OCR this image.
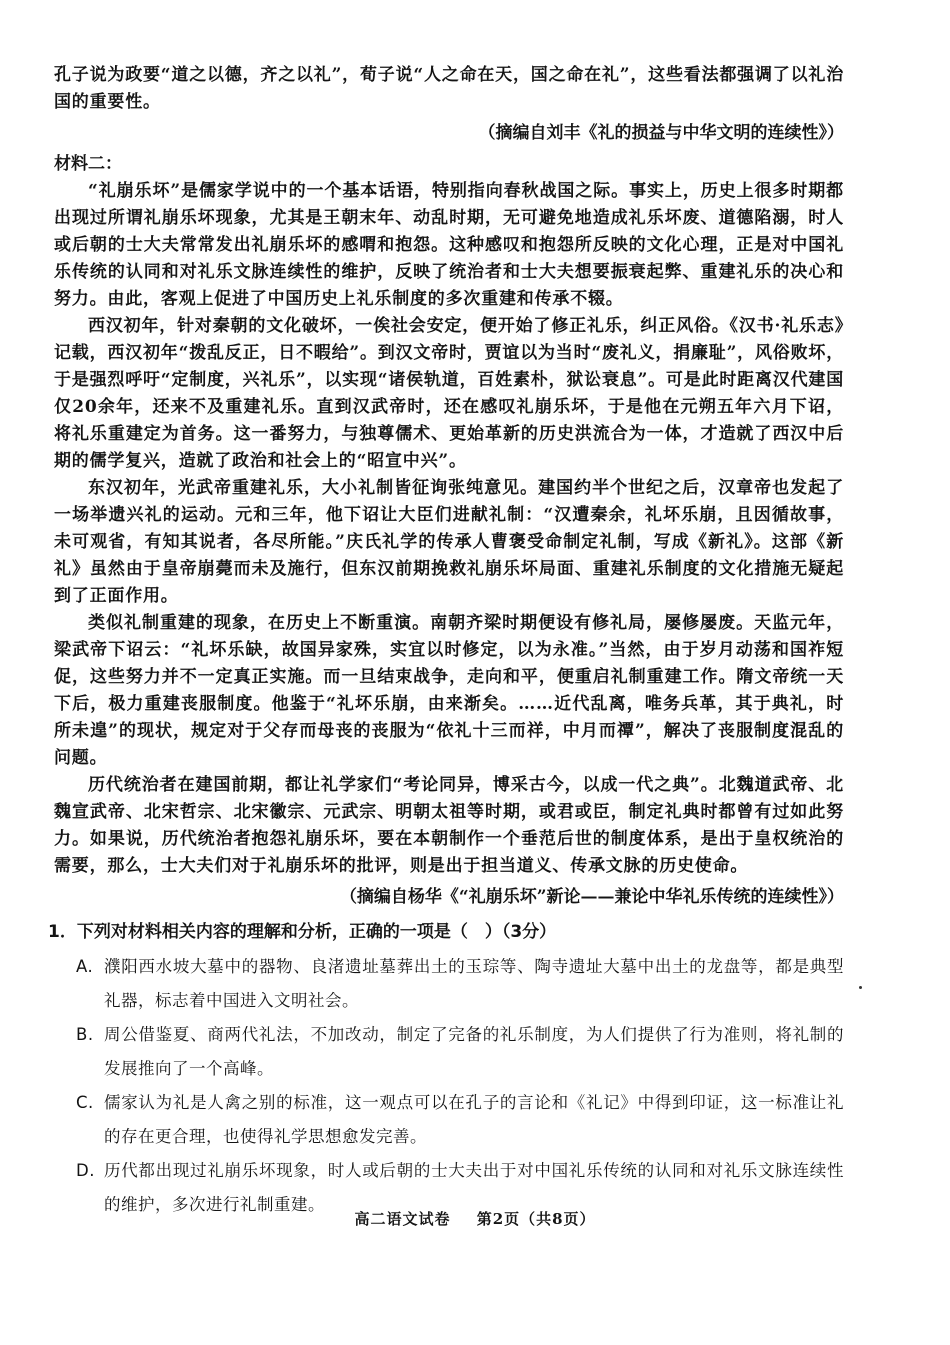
孔子说为政要“道之以德，齐之以礼”，荀子说“人之命在天，国之命在礼”，这些看法都强调了以礼治国的重要性。

（摘编自刘丰《礼的损益与中华文明的连续性》）

材料二：

“礼崩乐坏”是儒家学说中的一个基本话语，特别指向春秋战国之际。事实上，历史上很多时期都出现过所谓礼崩乐坏现象，尤其是王朝末年、动乱时期，无可避免地造成礼乐坏废、道德陷溺，时人或后朝的士大夫常常发出礼崩乐坏的感喟和抱怨。这种感叹和抱怨所反映的文化心理，正是对中国礼乐传统的认同和对礼乐文脉连续性的维护，反映了统治者和士大夫想要振衰起弊、重建礼乐的决心和努力。由此，客观上促进了中国历史上礼乐制度的多次重建和传承不辍。

西汉初年，针对秦朝的文化破坏，一俟社会安定，便开始了修正礼乐，纠正风俗。《汉书·礼乐志》记载，西汉初年“拨乱反正，日不暇给”。到汉文帝时，贾谊以为当时“废礼义，捐廉耻”，风俗败坏，于是强烈呼吁“定制度，兴礼乐”，以实现“诸侯轨道，百姓素朴，狱讼衰息”。可是此时距离汉代建国仅20余年，还来不及重建礼乐。直到汉武帝时，还在感叹礼崩乐坏，于是他在元朔五年六月下诏，将礼乐重建定为首务。这一番努力，与独尊儒术、更始革新的历史洪流合为一体，才造就了西汉中后期的儒学复兴，造就了政治和社会上的“昭宣中兴”。

东汉初年，光武帝重建礼乐，大小礼制皆征询张纯意见。建国约半个世纪之后，汉章帝也发起了一场举遗兴礼的运动。元和三年，他下诏让大臣们进献礼制：“汉遭秦余，礼坏乐崩，且因循故事，未可观省，有知其说者，各尽所能。”庆氏礼学的传承人曹褒受命制定礼制，写成《新礼》。这部《新礼》虽然由于皇帝崩薨而未及施行，但东汉前期挽救礼崩乐坏局面、重建礼乐制度的文化措施无疑起到了正面作用。

类似礼制重建的现象，在历史上不断重演。南朝齐梁时期便设有修礼局，屡修屡废。天监元年，梁武帝下诏云：“礼坏乐缺，故国异家殊，实宜以时修定，以为永准。”当然，由于岁月动荡和国祚短促，这些努力并不一定真正实施。而一旦结束战争，走向和平，便重启礼制重建工作。隋文帝统一天下后，极力重建丧服制度。他鉴于“礼坏乐崩，由来渐矣。……近代乱离，唯务兵革，其于典礼，时所未遑”的现状，规定对于父存而母丧的丧服为“依礼十三而祥，中月而禫”，解决了丧服制度混乱的问题。

历代统治者在建国前期，都让礼学家们“考论同异，博采古今，以成一代之典”。北魏道武帝、北魏宣武帝、北宋哲宗、北宋徽宗、元武宗、明朝太祖等时期，或君或臣，制定礼典时都曾有过如此努力。如果说，历代统治者抱怨礼崩乐坏，要在本朝制作一个垂范后世的制度体系，是出于皇权统治的需要，那么，士大夫们对于礼崩乐坏的批评，则是出于担当道义、传承文脉的历史使命。

（摘编自杨华《“礼崩乐坏”新论——兼论中华礼乐传统的连续性》）

1．下列对材料相关内容的理解和分析，正确的一项是（　）（3分）

A. 濮阳西水坡大墓中的器物、良渚遗址墓葬出土的玉琮等、陶寺遗址大墓中出土的龙盘等，都是典型礼器，标志着中国进入文明社会。
B. 周公借鉴夏、商两代礼法，不加改动，制定了完备的礼乐制度，为人们提供了行为准则，将礼制的发展推向了一个高峰。
C. 儒家认为礼是人禽之别的标准，这一观点可以在孔子的言论和《礼记》中得到印证，这一标准让礼的存在更合理，也使得礼学思想愈发完善。
D. 历代都出现过礼崩乐坏现象，时人或后朝的士大夫出于对中国礼乐传统的认同和对礼乐文脉连续性的维护，多次进行礼制重建。
高二语文试卷 第2页（共8页）
